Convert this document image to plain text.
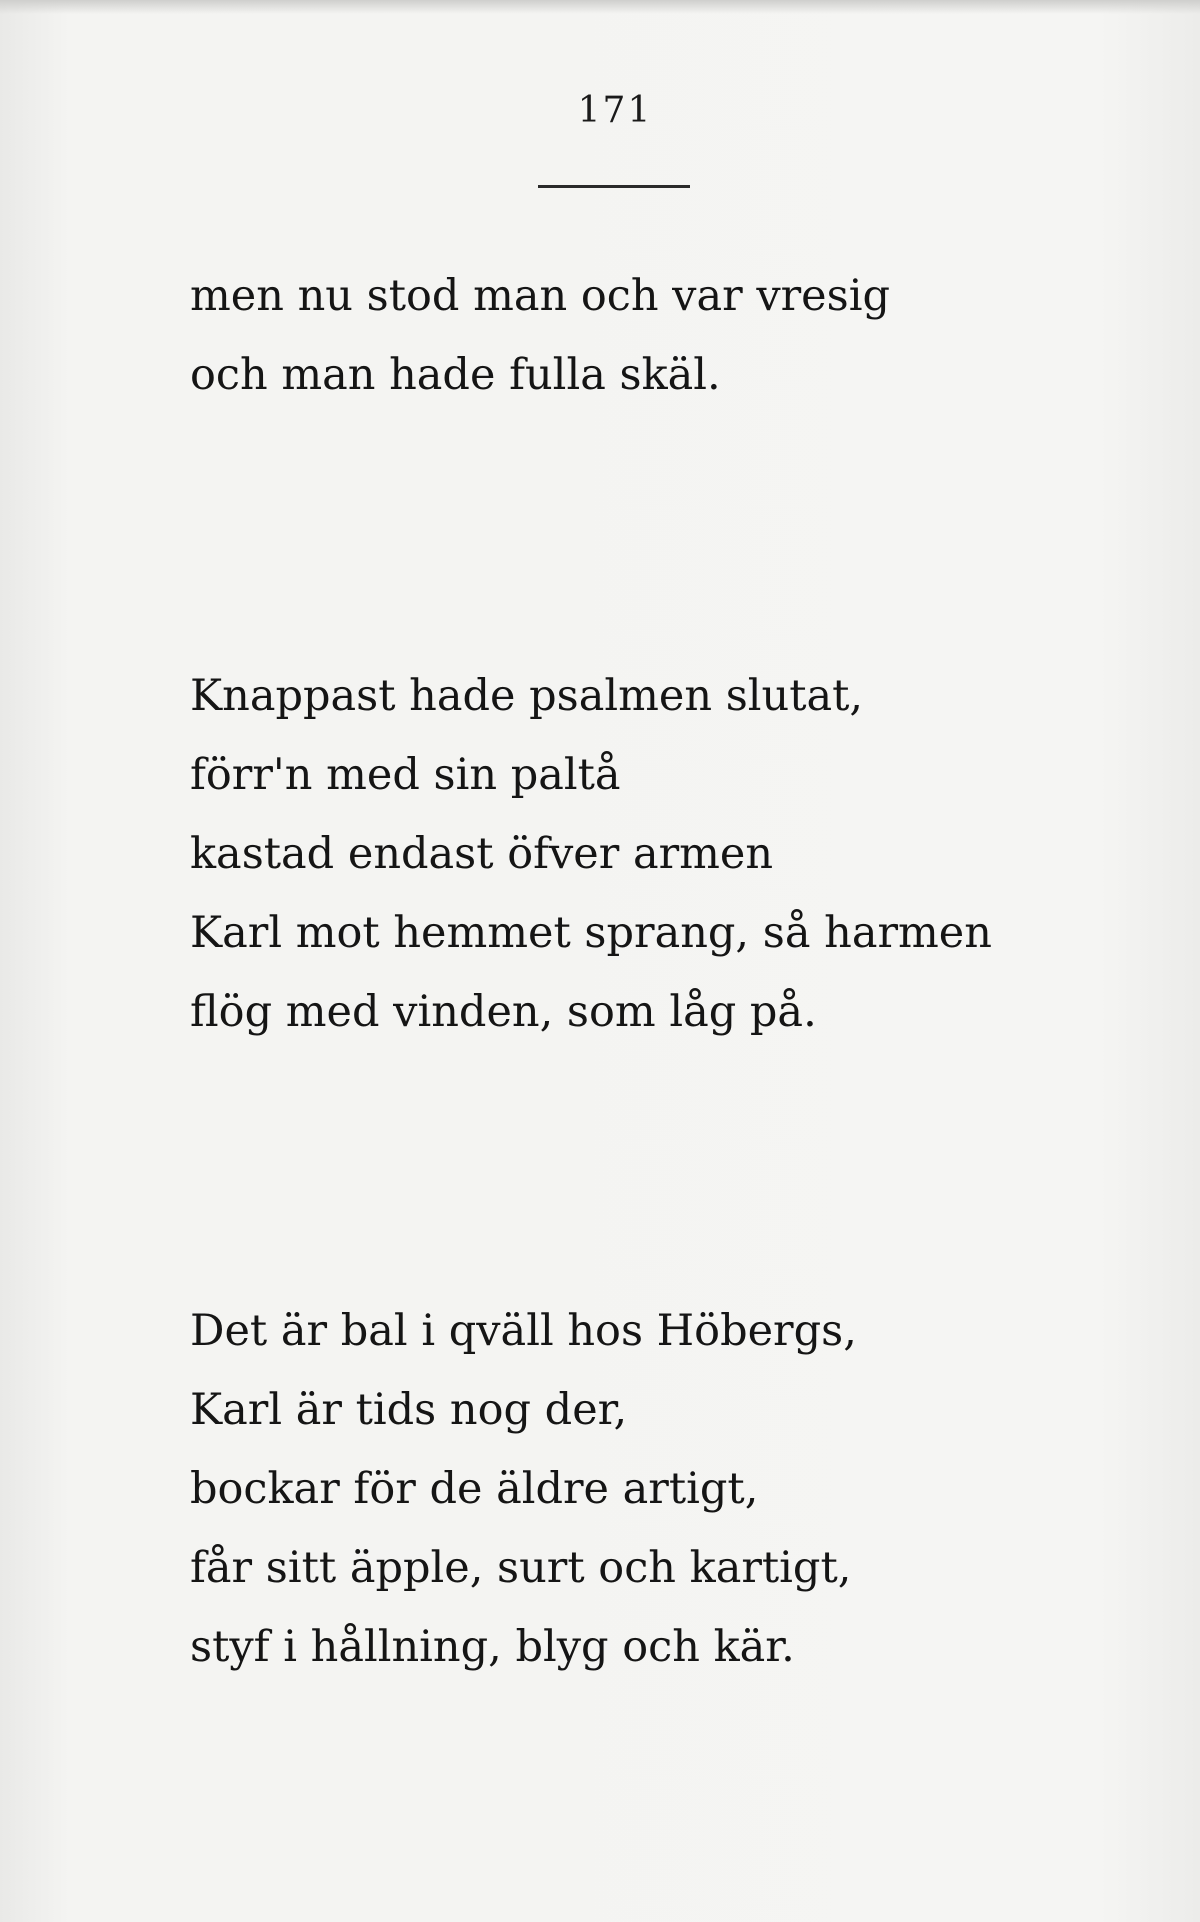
171
men nu stod man och var vresig
och man hade fulla skäl.
Knappast hade psalmen slutat,
förr'n med sin paltå
kastad endast öfver armen
Karl mot hemmet sprang, så harmen
flög med vinden, som låg på.
Det är bal i qväll hos Höbergs,
Karl är tids nog der,
bockar för de äldre artigt,
får sitt äpple, surt och kartigt,
styf i hållning, blyg och kär.
